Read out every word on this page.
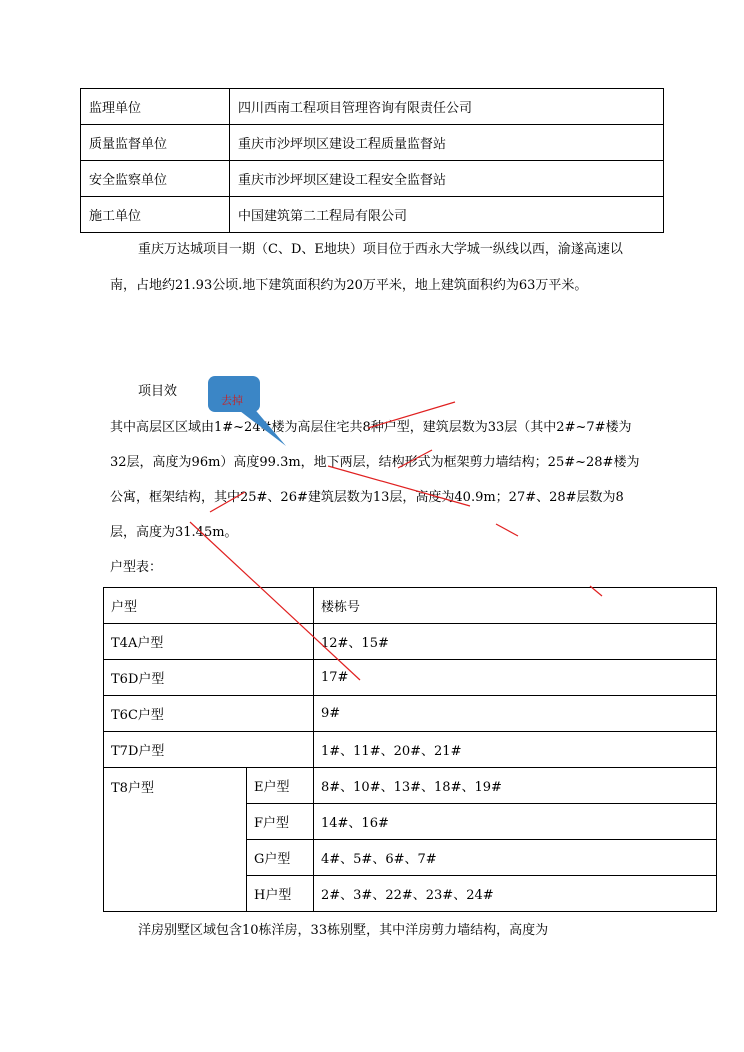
监理单位	四川西南工程项目管理咨询有限责任公司
质量监督单位	重庆市沙坪坝区建设工程质量监督站
安全监察单位	重庆市沙坪坝区建设工程安全监督站
施工单位	中国建筑第二工程局有限公司

重庆万达城项目一期（C、D、E地块）项目位于西永大学城一纵线以西，渝遂高速以南，占地约21.93公顷.地下建筑面积约为20万平米，地上建筑面积约为63万平米。

项目效

其中高层区区域由1#~24#楼为高层住宅共8种户型，建筑层数为33层（其中2#~7#楼为32层，高度为96m）高度99.3m，地下两层，结构形式为框架剪力墙结构；25#~28#楼为公寓，框架结构，其中25#、26#建筑层数为13层，高度为40.9m；27#、28#层数为8层，高度为31.45m。

户型表：
户型		楼栋号
T4A户型		12#、15#
T6D户型		17#
T6C户型		9#
T7D户型		1#、11#、20#、21#
T8户型	E户型	8#、10#、13#、18#、19#
	F户型	14#、16#
	G户型	4#、5#、6#、7#
	H户型	2#、3#、22#、23#、24#

洋房别墅区域包含10栋洋房，33栋别墅，其中洋房剪力墙结构，高度为

去掉
